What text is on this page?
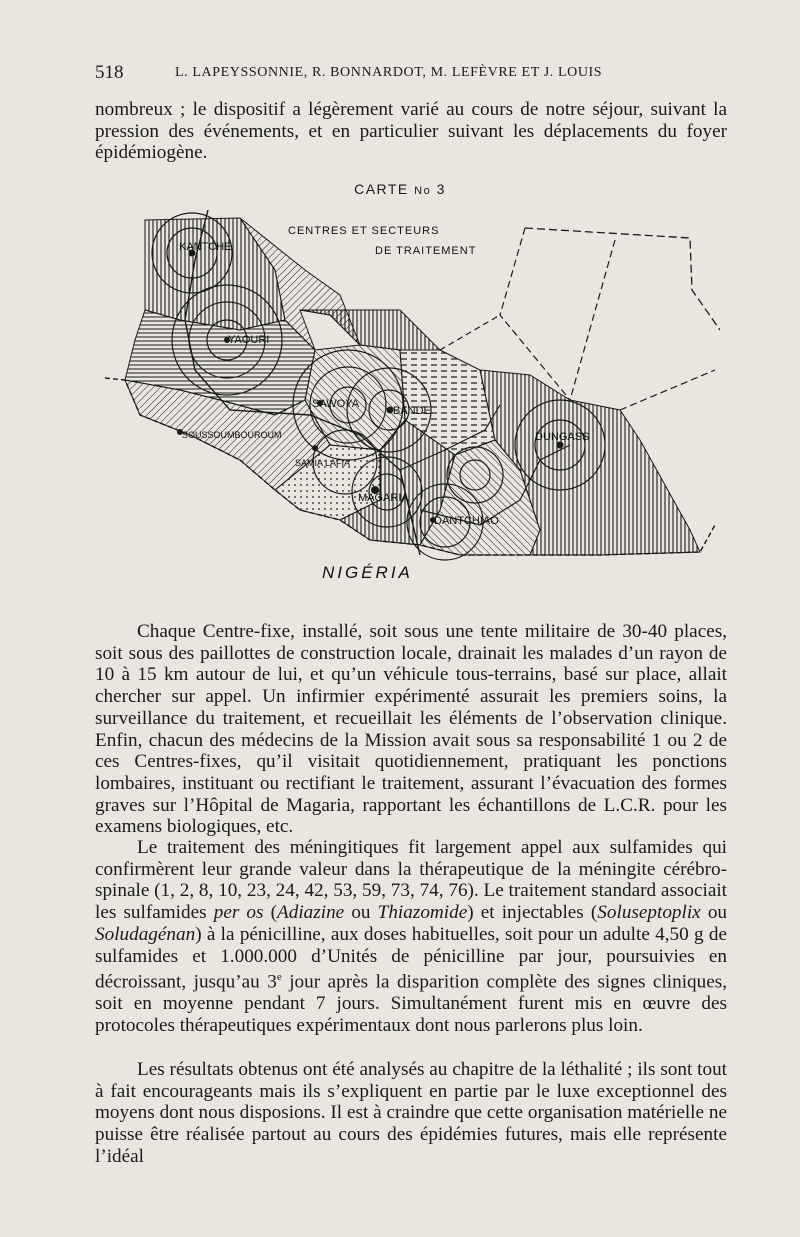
518	L. LAPEYSSONNIE, R. BONNARDOT, M. LEFÈVRE ET J. LOUIS

nombreux ; le dispositif a légèrement varié au cours de notre séjour, suivant la pression des événements, et en particulier suivant les déplacements du foyer épidémiogène.

CARTE No 3
CENTRES ET SECTEURS
DE TRAITEMENT
KANTCHE
YAOURI
SAWOYA
BANDE
SOUSSOUMBOUROUM
SAMIA LAFIA
MAGARIA
DANTCHIAO
DUNGASS
NIGÉRIA

Chaque Centre-fixe, installé, soit sous une tente militaire de 30-40 places, soit sous des paillottes de construction locale, drainait les malades d’un rayon de 10 à 15 km autour de lui, et qu’un véhicule tous-terrains, basé sur place, allait chercher sur appel. Un infirmier expérimenté assurait les premiers soins, la surveillance du traitement, et recueillait les éléments de l’observation clinique. Enfin, chacun des médecins de la Mission avait sous sa responsabilité 1 ou 2 de ces Centres-fixes, qu’il visitait quotidiennement, pratiquant les ponctions lombaires, instituant ou rectifiant le traitement, assurant l’évacuation des formes graves sur l’Hôpital de Magaria, rapportant les échantillons de L.C.R. pour les examens biologiques, etc.

Le traitement des méningitiques fit largement appel aux sulfamides qui confirmèrent leur grande valeur dans la thérapeutique de la méningite cérébro-spinale (1, 2, 8, 10, 23, 24, 42, 53, 59, 73, 74, 76). Le traitement standard associait les sulfamides per os (Adiazine ou Thiazomide) et injectables (Soluseptoplix ou Soludagénan) à la pénicilline, aux doses habituelles, soit pour un adulte 4,50 g de sulfamides et 1.000.000 d’Unités de pénicilline par jour, poursuivies en décroissant, jusqu’au 3e jour après la disparition complète des signes cliniques, soit en moyenne pendant 7 jours. Simultanément furent mis en œuvre des protocoles thérapeutiques expérimentaux dont nous parlerons plus loin.

Les résultats obtenus ont été analysés au chapitre de la léthalité ; ils sont tout à fait encourageants mais ils s’expliquent en partie par le luxe exceptionnel des moyens dont nous disposions. Il est à craindre que cette organisation matérielle ne puisse être réalisée partout au cours des épidémies futures, mais elle représente l’idéal
